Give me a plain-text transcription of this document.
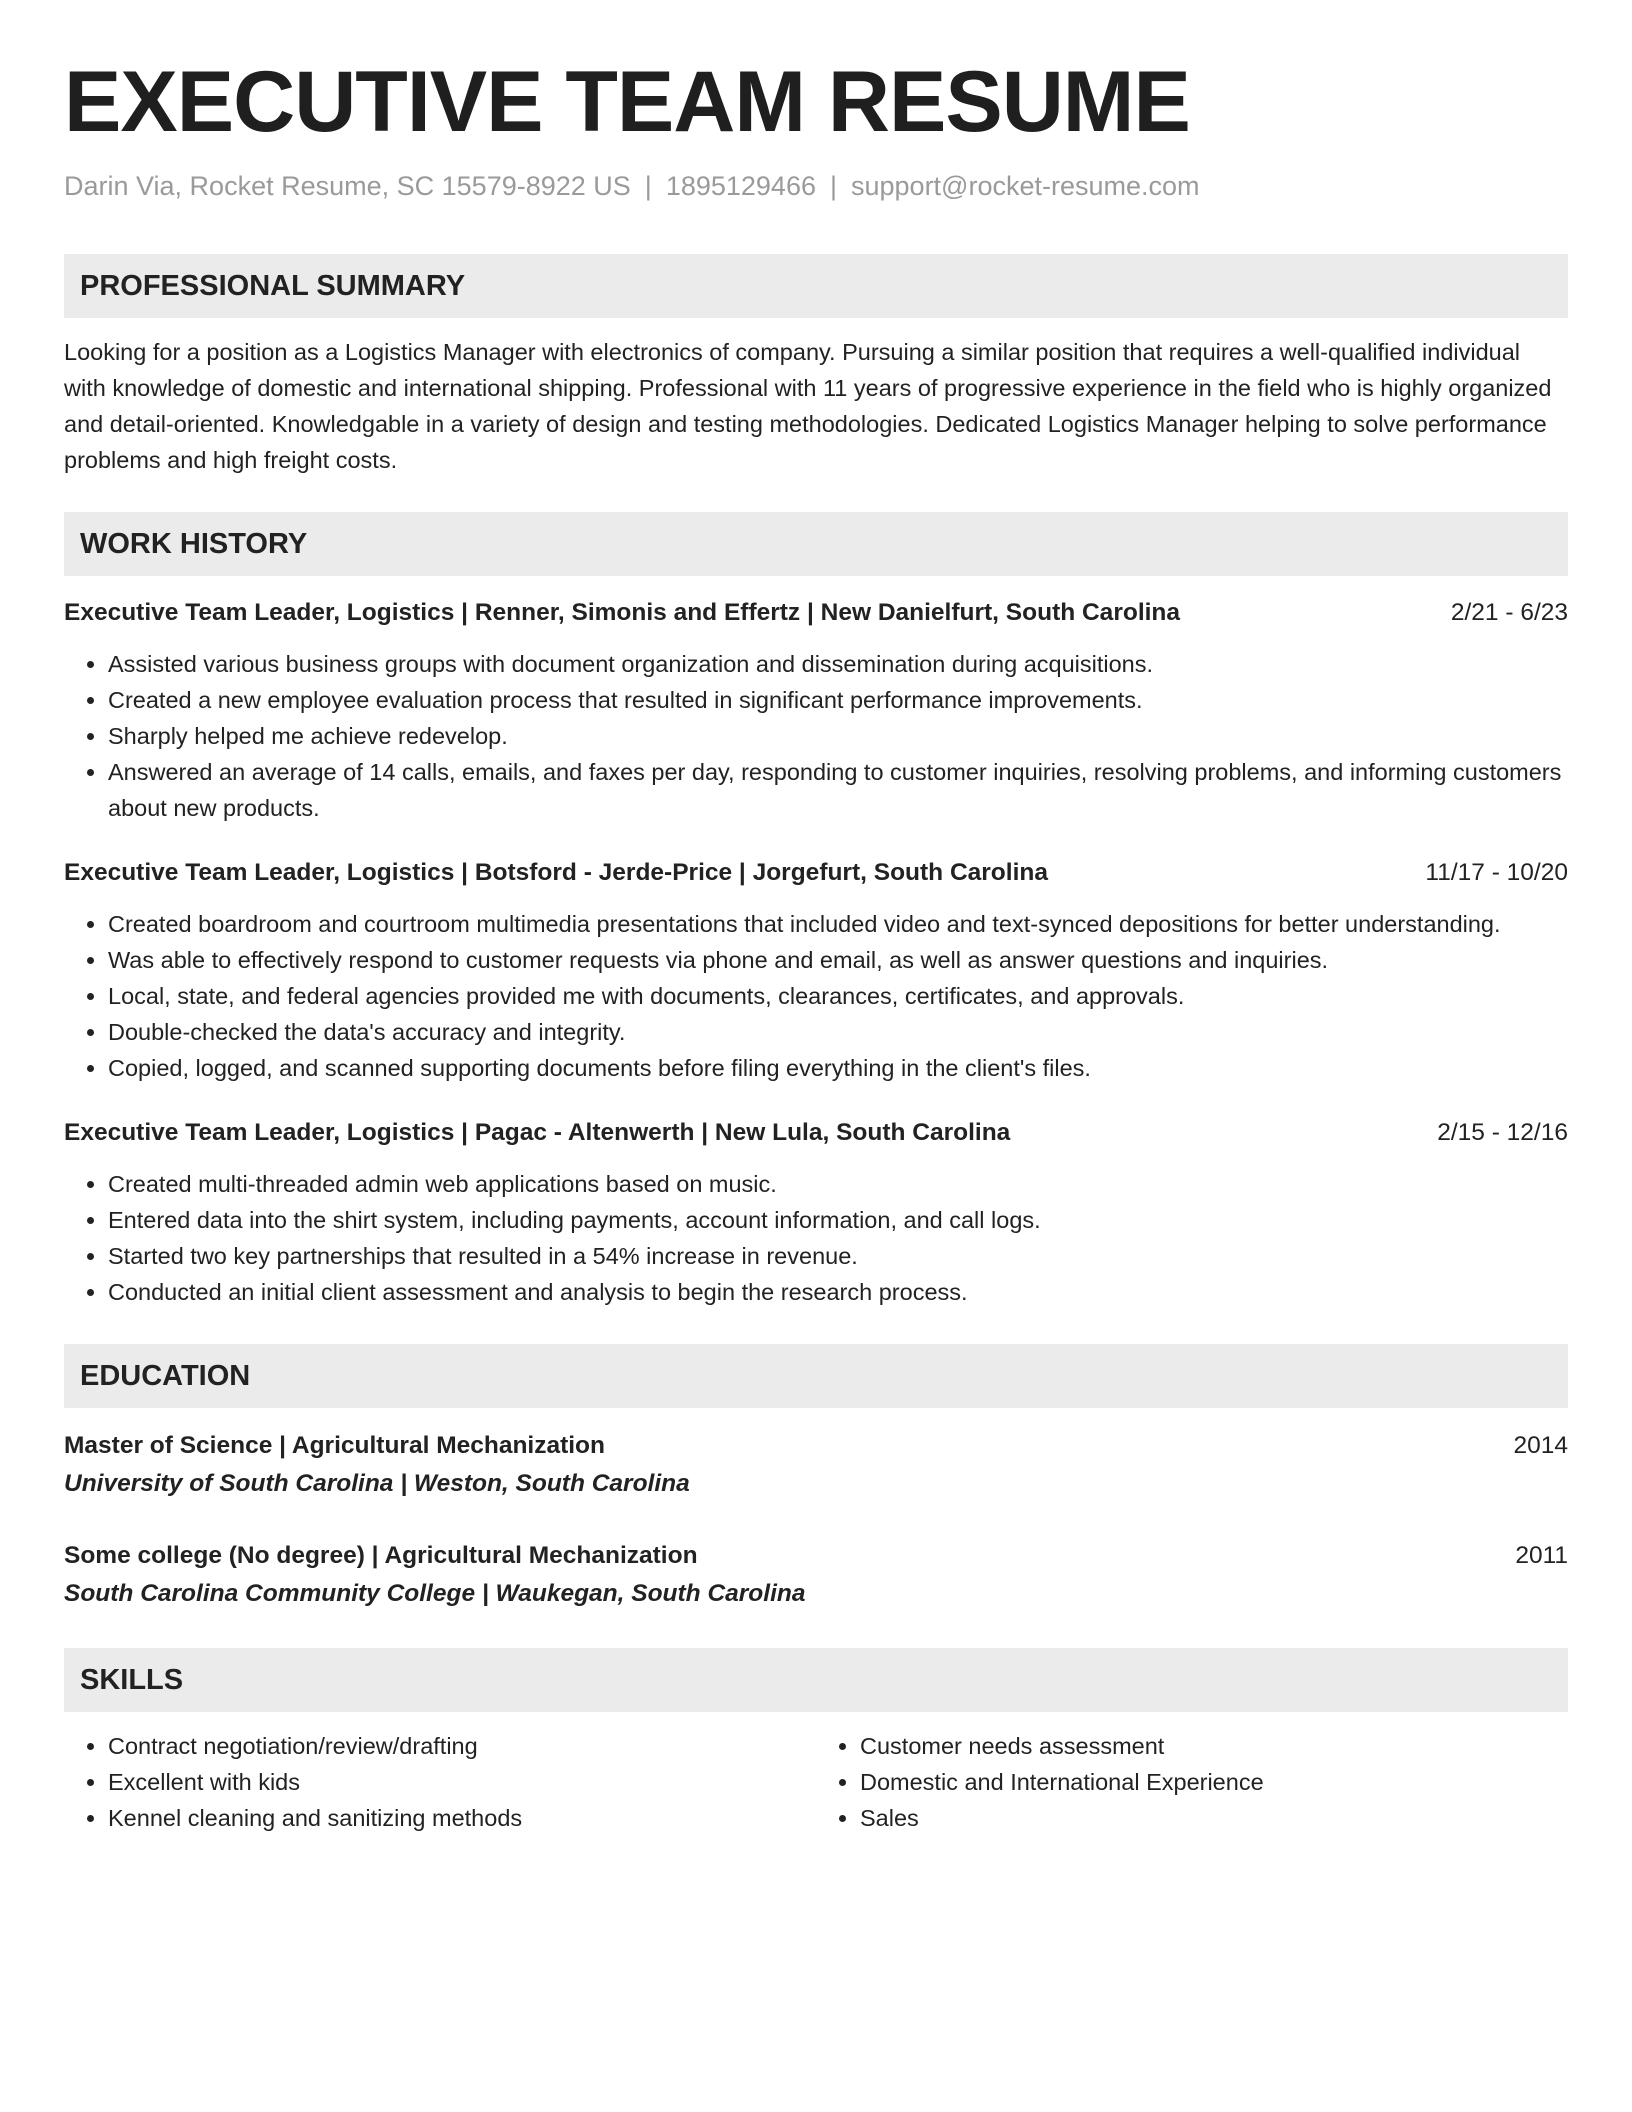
EXECUTIVE TEAM RESUME
Darin Via, Rocket Resume, SC 15579-8922 US | 1895129466 | support@rocket-resume.com
PROFESSIONAL SUMMARY
Looking for a position as a Logistics Manager with electronics of company. Pursuing a similar position that requires a well-qualified individual with knowledge of domestic and international shipping. Professional with 11 years of progressive experience in the field who is highly organized and detail-oriented. Knowledgable in a variety of design and testing methodologies. Dedicated Logistics Manager helping to solve performance problems and high freight costs.
WORK HISTORY
Executive Team Leader, Logistics | Renner, Simonis and Effertz | New Danielfurt, South Carolina	2/21 - 6/23
• Assisted various business groups with document organization and dissemination during acquisitions.
• Created a new employee evaluation process that resulted in significant performance improvements.
• Sharply helped me achieve redevelop.
• Answered an average of 14 calls, emails, and faxes per day, responding to customer inquiries, resolving problems, and informing customers about new products.
Executive Team Leader, Logistics | Botsford - Jerde-Price | Jorgefurt, South Carolina	11/17 - 10/20
• Created boardroom and courtroom multimedia presentations that included video and text-synced depositions for better understanding.
• Was able to effectively respond to customer requests via phone and email, as well as answer questions and inquiries.
• Local, state, and federal agencies provided me with documents, clearances, certificates, and approvals.
• Double-checked the data's accuracy and integrity.
• Copied, logged, and scanned supporting documents before filing everything in the client's files.
Executive Team Leader, Logistics | Pagac - Altenwerth | New Lula, South Carolina	2/15 - 12/16
• Created multi-threaded admin web applications based on music.
• Entered data into the shirt system, including payments, account information, and call logs.
• Started two key partnerships that resulted in a 54% increase in revenue.
• Conducted an initial client assessment and analysis to begin the research process.
EDUCATION
Master of Science | Agricultural Mechanization	2014
University of South Carolina | Weston, South Carolina
Some college (No degree) | Agricultural Mechanization	2011
South Carolina Community College | Waukegan, South Carolina
SKILLS
• Contract negotiation/review/drafting
• Excellent with kids
• Kennel cleaning and sanitizing methods
• Customer needs assessment
• Domestic and International Experience
• Sales
